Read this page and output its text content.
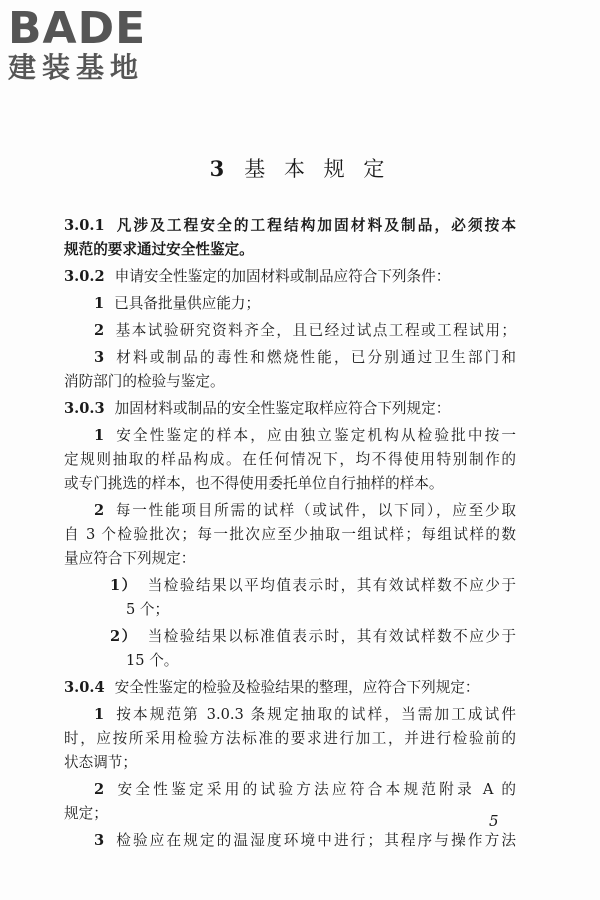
BADE
建装基地
3 基 本 规 定
3.0.1 凡涉及工程安全的工程结构加固材料及制品，必须按本
规范的要求通过安全性鉴定。
3.0.2 申请安全性鉴定的加固材料或制品应符合下列条件：
1 已具备批量供应能力；
2 基本试验研究资料齐全，且已经过试点工程或工程试用；
3 材料或制品的毒性和燃烧性能，已分别通过卫生部门和
消防部门的检验与鉴定。
3.0.3 加固材料或制品的安全性鉴定取样应符合下列规定：
1 安全性鉴定的样本，应由独立鉴定机构从检验批中按一
定规则抽取的样品构成。在任何情况下，均不得使用特别制作的
或专门挑选的样本，也不得使用委托单位自行抽样的样本。
2 每一性能项目所需的试样（或试件，以下同），应至少取
自 3 个检验批次；每一批次应至少抽取一组试样；每组试样的数
量应符合下列规定：
1） 当检验结果以平均值表示时，其有效试样数不应少于
5 个；
2） 当检验结果以标准值表示时，其有效试样数不应少于
15 个。
3.0.4 安全性鉴定的检验及检验结果的整理，应符合下列规定：
1 按本规范第 3.0.3 条规定抽取的试样，当需加工成试件
时，应按所采用检验方法标准的要求进行加工，并进行检验前的
状态调节；
2 安全性鉴定采用的试验方法应符合本规范附录 A 的
规定；
3 检验应在规定的温湿度环境中进行；其程序与操作方法
5
